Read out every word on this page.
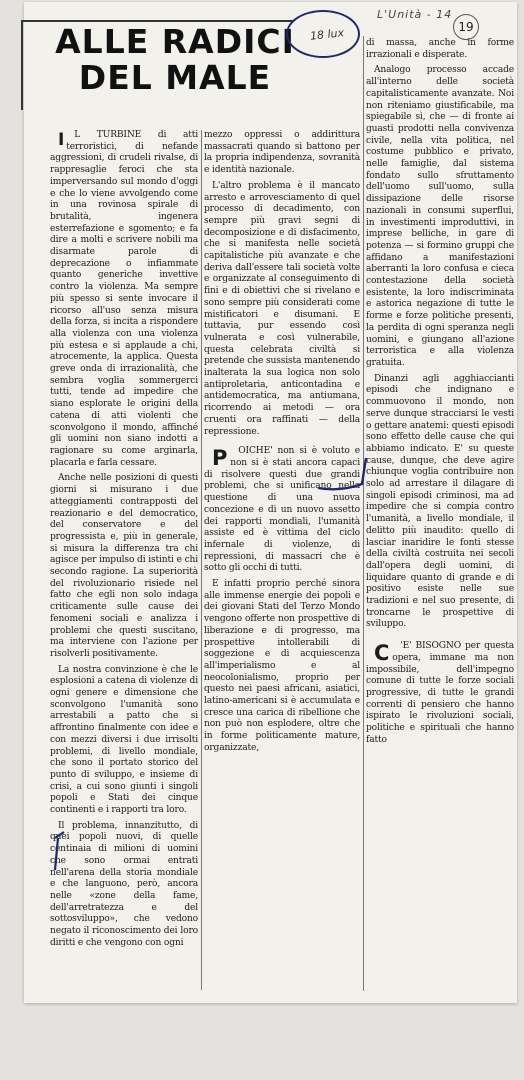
ALLE RADICI
DEL MALE
18 lux
L'Unità - 14
19

I L TURBINE di atti terroristici, di nefande aggressioni, di crudeli rivalse, di rappresaglie feroci che sta imperversando sul mondo d'oggi e che lo viene avvolgendo come in una rovinosa spirale di brutalità, ingenera esterrefazione e sgomento; e fa dire a molti e scrivere nobili ma disarmate parole di deprecazione o infiammate quanto generiche invettive contro la violenza. Ma sempre più spesso si sente invocare il ricorso all'uso senza misura della forza, si incita a rispondere alla violenza con una violenza più estesa e si applaude a chi, atrocemente, la applica. Questa greve onda di irrazionalità, che sembra voglia sommergerci tutti, tende ad impedire che siano esplorate le origini della catena di atti violenti che sconvolgono il mondo, affinché gli uomini non siano indotti a ragionare su come arginarla, placarla e farla cessare.

Anche nelle posizioni di questi giorni si misurano i due atteggiamenti contrapposti del reazionario e del democratico, del conservatore e del progressista e, più in generale, si misura la differenza tra chi agisce per impulso di istinti e chi secondo ragione. La superiorità del rivoluzionario risiede nel fatto che egli non solo indaga criticamente sulle cause dei fenomeni sociali e analizza i problemi che questi suscitano, ma interviene con l'azione per risolverli positivamente.

La nostra convinzione è che le esplosioni a catena di violenze di ogni genere e dimensione che sconvolgono l'umanità sono arrestabili a patto che si affrontino finalmente con idee e con mezzi diversi i due irrisolti problemi, di livello mondiale, che sono il portato storico del punto di sviluppo, e insieme di crisi, a cui sono giunti i singoli popoli e Stati dei cinque continenti e i rapporti tra loro.

Il problema, innanzitutto, di quei popoli nuovi, di quelle centinaia di milioni di uomini che sono ormai entrati nell'arena della storia mondiale e che languono, però, ancora nelle «zone della fame, dell'arretratezza e del sottosviluppo», che vedono negato il riconoscimento dei loro diritti e che vengono con ogni

mezzo oppressi o addirittura massacrati quando si battono per la propria indipendenza, sovranità e identità nazionale.

L'altro problema è il mancato arresto e arrovesciamento di quel processo di decadimento, con sempre più gravi segni di decomposizione e di disfacimento, che si manifesta nelle società capitalistiche più avanzate e che deriva dall'essere tali società volte e organizzate al conseguimento di fini e di obiettivi che si rivelano e sono sempre più considerati come mistificatori e disumani. E tuttavia, pur essendo così vulnerata e così vulnerabile, questa celebrata civiltà si pretende che sussista mantenendo inalterata la sua logica non solo antiproletaria, anticontadina e antidemocratica, ma antiumana, ricorrendo ai metodi — ora cruenti ora raffinati — della repressione.

P OICHE' non si è voluto e non si è stati ancora capaci di risolvere questi due grandi problemi, che si unificano nella questione di una nuova concezione e di un nuovo assetto dei rapporti mondiali, l'umanità assiste ed è vittima del ciclo infernale di violenze, di repressioni, di massacri che è sotto gli occhi di tutti.

E infatti proprio perché sinora alle immense energie dei popoli e dei giovani Stati del Terzo Mondo vengono offerte non prospettive di liberazione e di progresso, ma prospettive intollerabili di soggezione e di acquiescenza all'imperialismo e al neocolonialismo, proprio per questo nei paesi africani, asiatici, latino-americani si è accumulata e cresce una carica di ribellione che non può non esplodere, oltre che in forme politicamente mature, organizzate,

di massa, anche in forme irrazionali e disperate.

Analogo processo accade all'interno delle società capitalisticamente avanzate. Noi non riteniamo giustificabile, ma spiegabile sì, che — di fronte ai guasti prodotti nella convivenza civile, nella vita politica, nel costume pubblico e privato, nelle famiglie, dal sistema fondato sullo sfruttamento dell'uomo sull'uomo, sulla dissipazione delle risorse nazionali in consumi superflui, in investimenti improduttivi, in imprese belliche, in gare di potenza — si formino gruppi che affidano a manifestazioni aberranti la loro confusa e cieca contestazione della società esistente, la loro indiscriminata e astorica negazione di tutte le forme e forze politiche presenti, la perdita di ogni speranza negli uomini, e giungano all'azione terroristica e alla violenza gratuita.

Dinanzi agli agghiaccianti episodi che indignano e commuovono il mondo, non serve dunque stracciarsi le vesti o gettare anatemi: questi episodi sono effetto delle cause che qui abbiamo indicato. E' su queste cause, dunque, che deve agire chiunque voglia contribuire non solo ad arrestare il dilagare di singoli episodi criminosi, ma ad impedire che si compia contro l'umanità, a livello mondiale, il delitto più inaudito: quello di lasciar inaridire le fonti stesse della civiltà costruita nei secoli dall'opera degli uomini, di liquidare quanto di grande e di positivo esiste nelle sue tradizioni e nel suo presente, di troncarne le prospettive di sviluppo.

C 'E' BISOGNO per questa opera, immane ma non impossibile, dell'impegno comune di tutte le forze sociali progressive, di tutte le grandi correnti di pensiero che hanno ispirato le rivoluzioni sociali, politiche e spirituali che hanno fatto
